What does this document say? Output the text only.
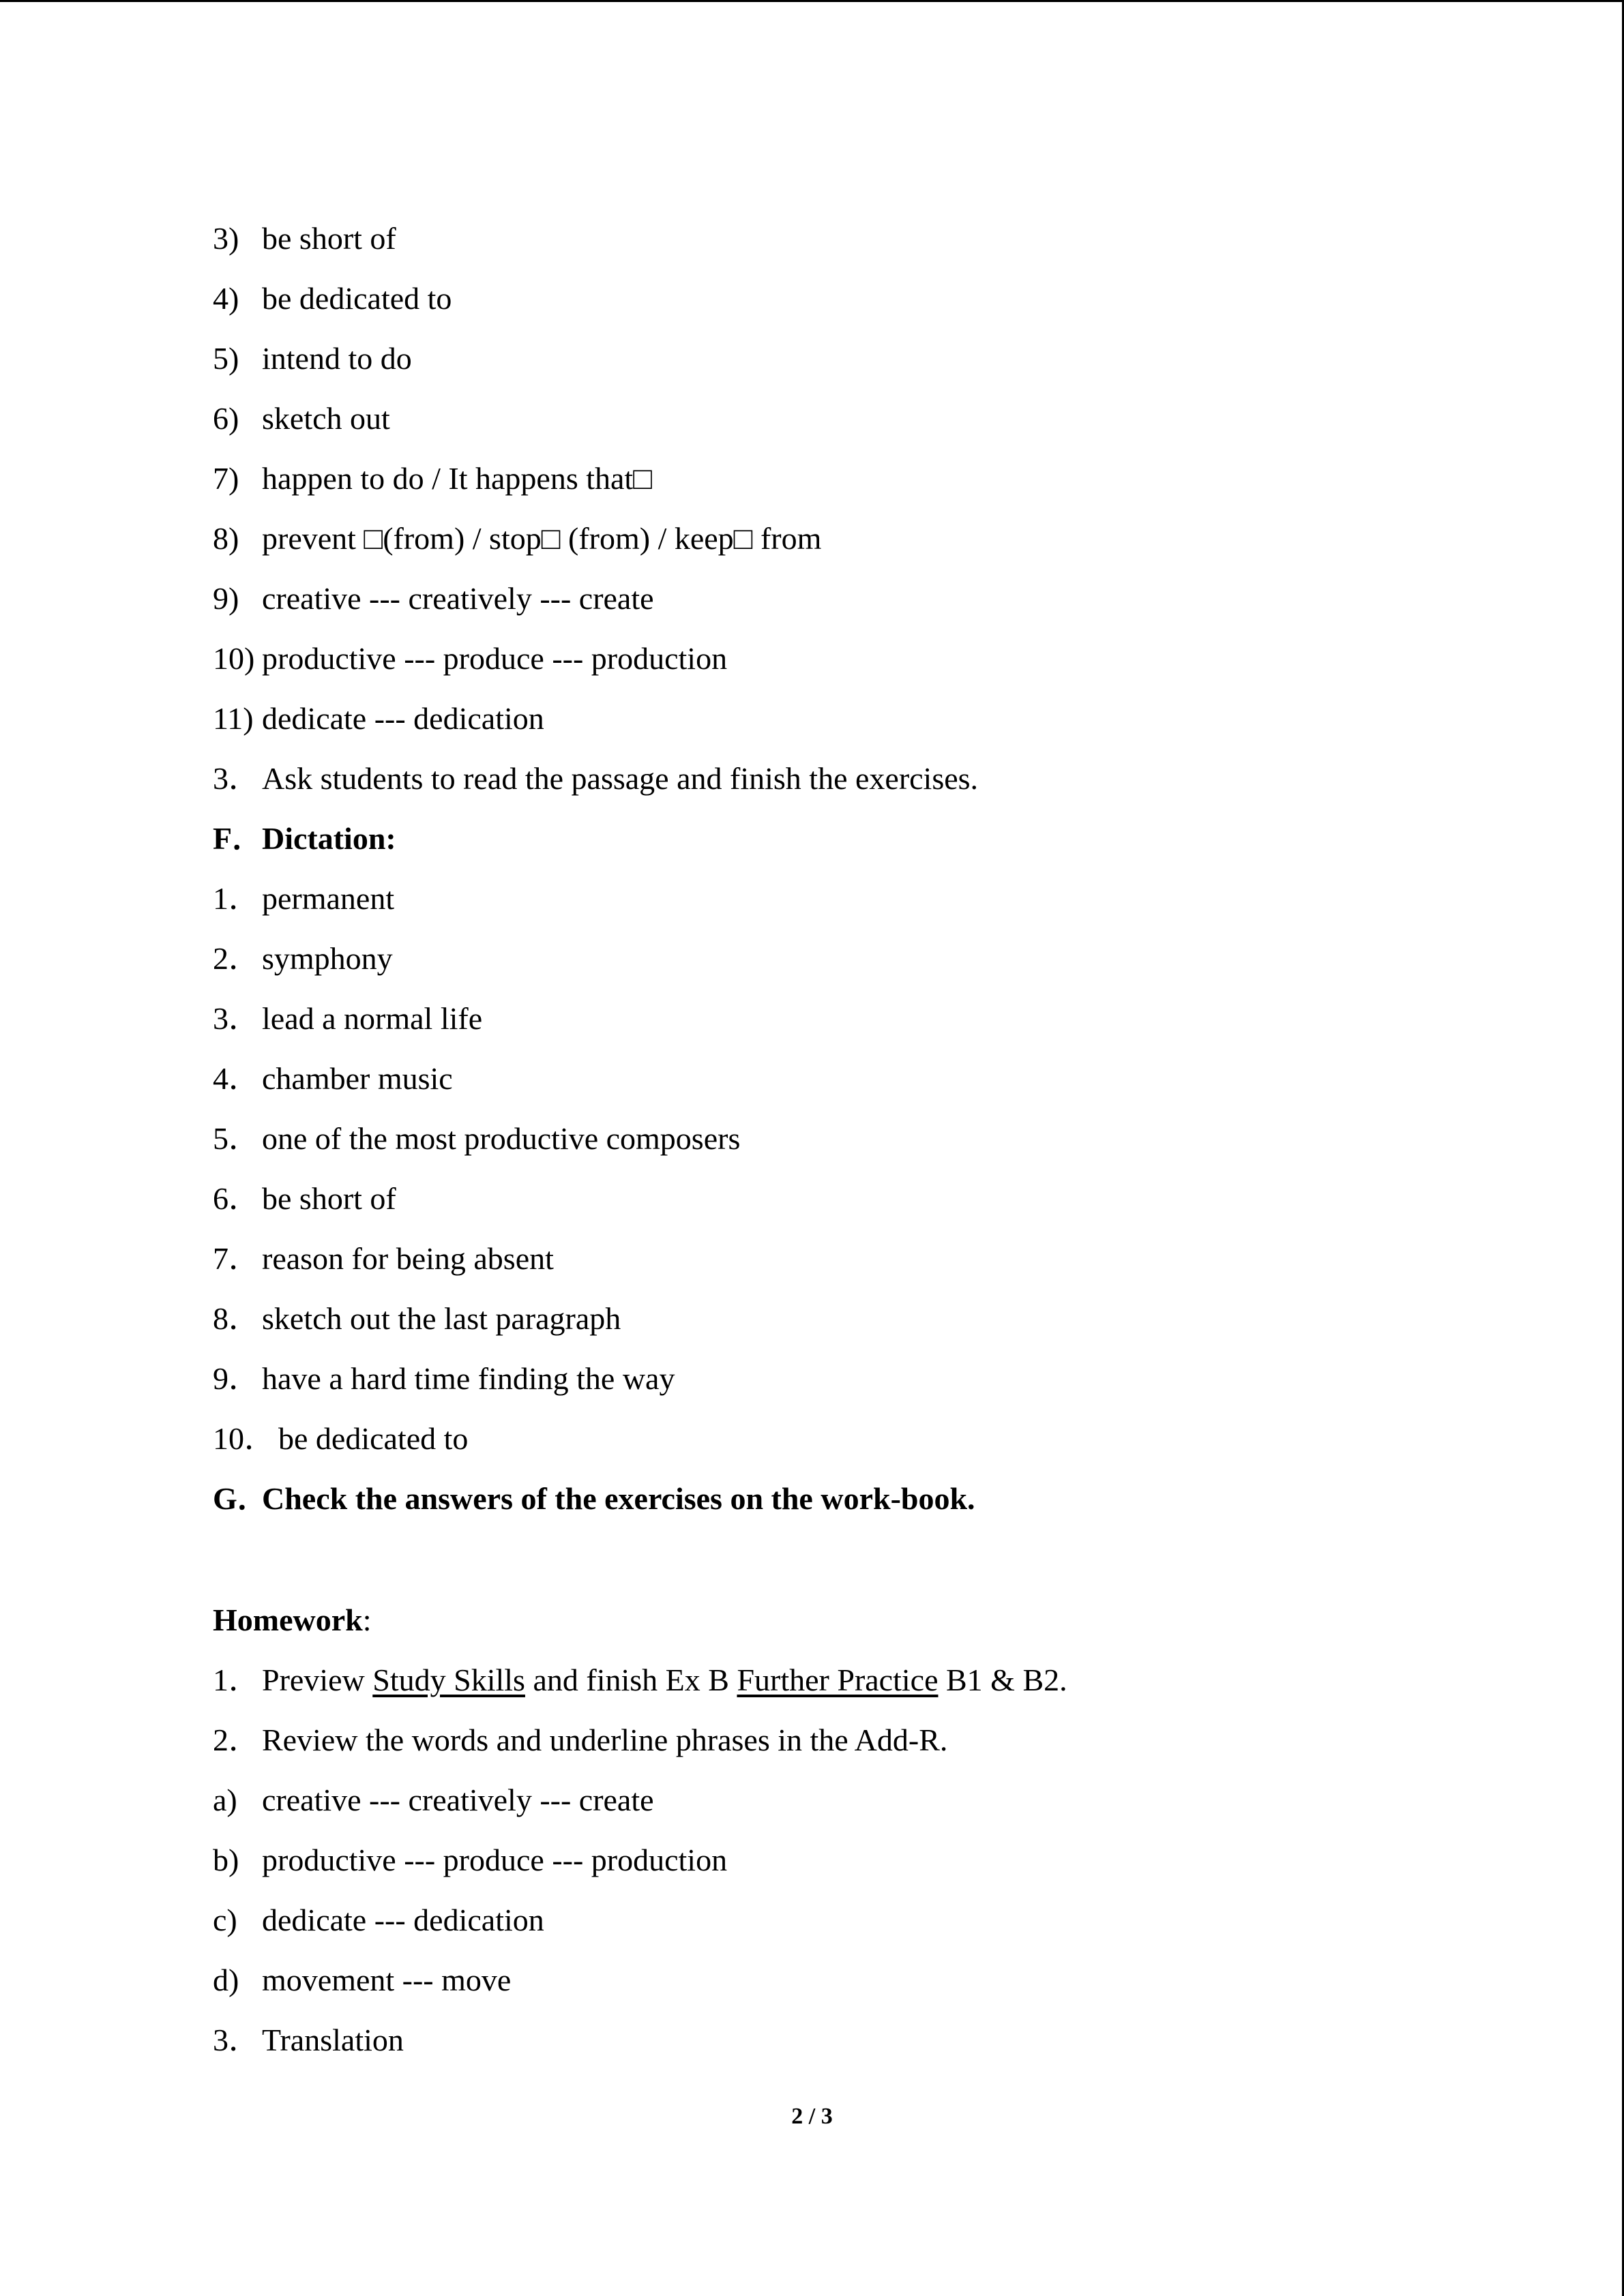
3) be short of
4) be dedicated to
5) intend to do
6) sketch out
7) happen to do / It happens that□
8) prevent □(from) / stop□ (from) / keep□ from
9) creative --- creatively --- create
10) productive --- produce --- production
11) dedicate --- dedication
3．Ask students to read the passage and finish the exercises.
F．Dictation:
1．permanent
2．symphony
3．lead a normal life
4．chamber music
5．one of the most productive composers
6．be short of
7．reason for being absent
8．sketch out the last paragraph
9．have a hard time finding the way
10．be dedicated to
G．Check the answers of the exercises on the work-book.
Homework:
1．Preview Study Skills and finish Ex B Further Practice B1 & B2.
2．Review the words and underline phrases in the Add-R.
a) creative --- creatively --- create
b) productive --- produce --- production
c) dedicate --- dedication
d) movement --- move
3．Translation
2 / 3
